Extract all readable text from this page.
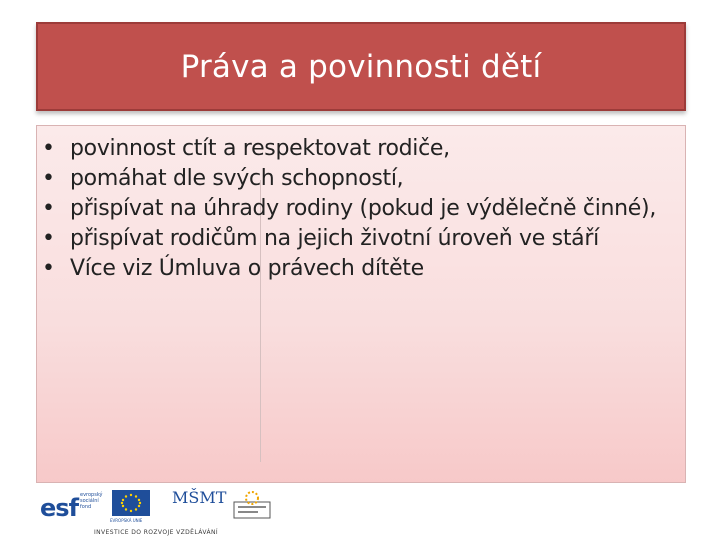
Práva a povinnosti dětí
• povinnost ctít a respektovat rodiče,
• pomáhat dle svých schopností,
• přispívat na úhrady rodiny (pokud je výdělečně činné),
• přispívat rodičům na jejich životní úroveň ve stáří
• Více viz Úmluva o právech dítěte
esf evropský sociální fond
EVROPSKÁ UNIE
MŠMT
INVESTICE DO ROZVOJE VZDĚLÁVÁNÍ
